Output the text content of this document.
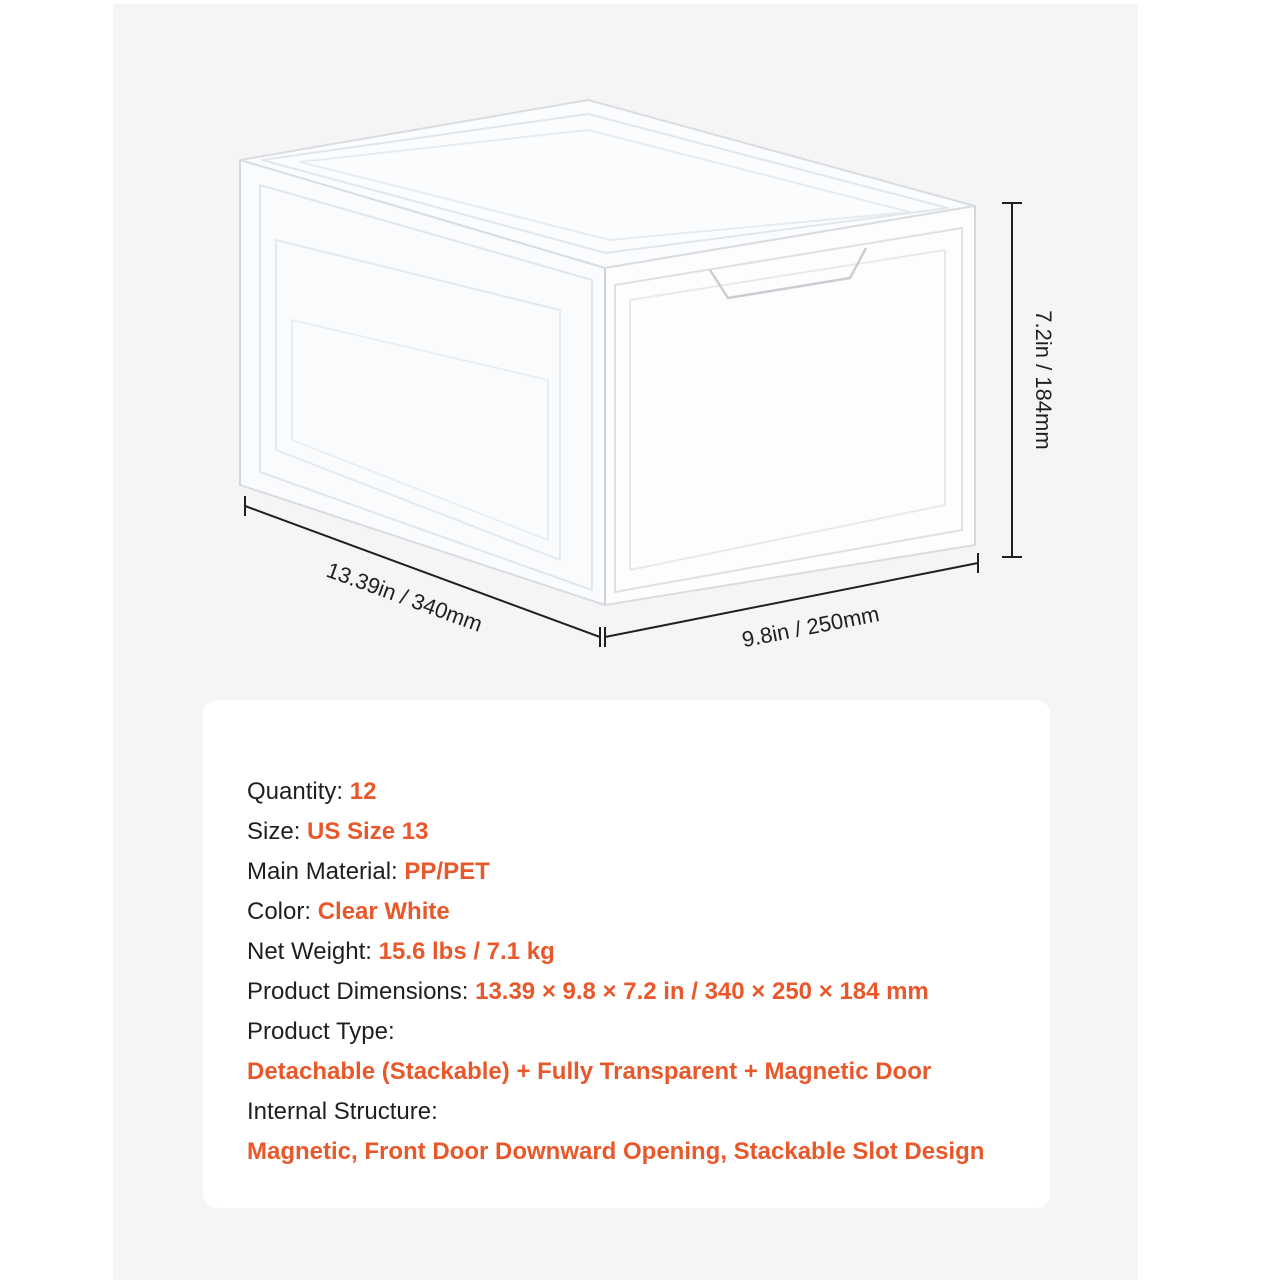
7.2in / 184mm
13.39in / 340mm	9.8in / 250mm
Quantity: 12
Size: US Size 13
Main Material: PP/PET
Color: Clear White
Net Weight: 15.6 lbs / 7.1 kg
Product Dimensions: 13.39 × 9.8 × 7.2 in / 340 × 250 × 184 mm
Product Type:
Detachable (Stackable) + Fully Transparent + Magnetic Door
Internal Structure:
Magnetic, Front Door Downward Opening, Stackable Slot Design
